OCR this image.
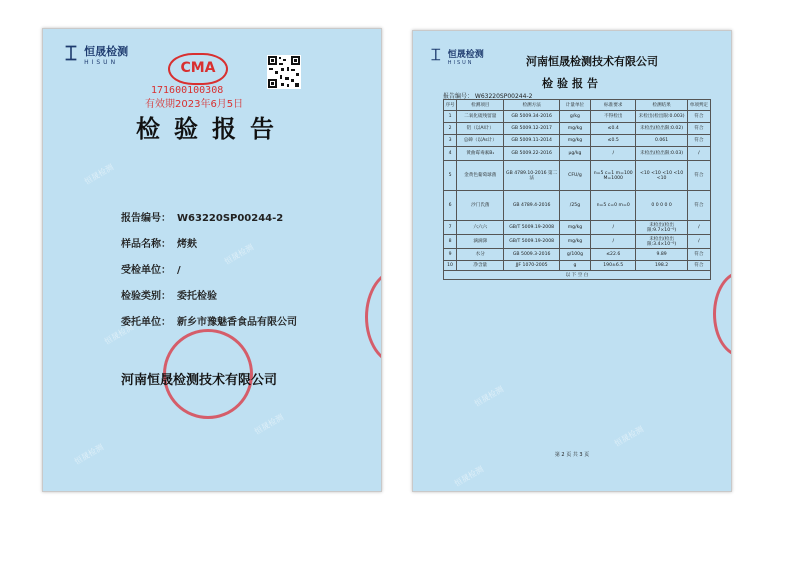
恒晟检测
恒晟检测
恒晟检测
恒晟检测
恒晟检测
⌶ 恒晟检测
HISUN	CMA
171600100308
有效期2023年6月5日
检验报告
报告编号： W63220SP00244-2
样品名称： 烤麸
受检单位： /
检验类别： 委托检验
委托单位： 新乡市豫魅香食品有限公司
河南恒晟检测技术有限公司
恒晟检测
恒晟检测
恒晟检测
⌶ 恒晟检测
HISUN	河南恒晟检测技术有限公司
检验报告
报告编号： W63220SP00244-2
序号	检测项目	检测方法	计量单位	标准要求	检测结果	单项判定
1	二氧化硫残留量	GB 5009.34-2016	g/kg	不得检出	未检出(检出限:0.003)	符合
2	铝（以Al计）	GB 5009.12-2017	mg/kg	≤0.4	未检出(检出限:0.02)	符合
3	总砷（以As计）	GB 5009.11-2014	mg/kg	≤0.5	0.061	符合
4	黄曲霉毒素B₁	GB 5009.22-2016	μg/kg	/	未检出(检出限:0.03)	/
5	金黄色葡萄球菌	GB 4789.10-2016 第二法	CFU/g	n=5 c=1 m=100 M=1000	<10 <10 <10 <10 <10	符合
6	沙门氏菌	GB 4789.4-2016	/25g	n=5 c=0 m=0	0 0 0 0 0	符合
7	六六六	GB/T 5009.19-2008	mg/kg	/	未检出(检出限:9.7×10⁻⁶)	/
8	滴滴涕	GB/T 5009.19-2008	mg/kg	/	未检出(检出限:3.4×10⁻⁶)	/
9	水分	GB 5009.3-2016	g/100g	≤22.6	9.89	符合
10	净含量	JJF 1070-2005	g	190±6.5	198.2	符合
以 下 空 白						
第 2 页 共 3 页
